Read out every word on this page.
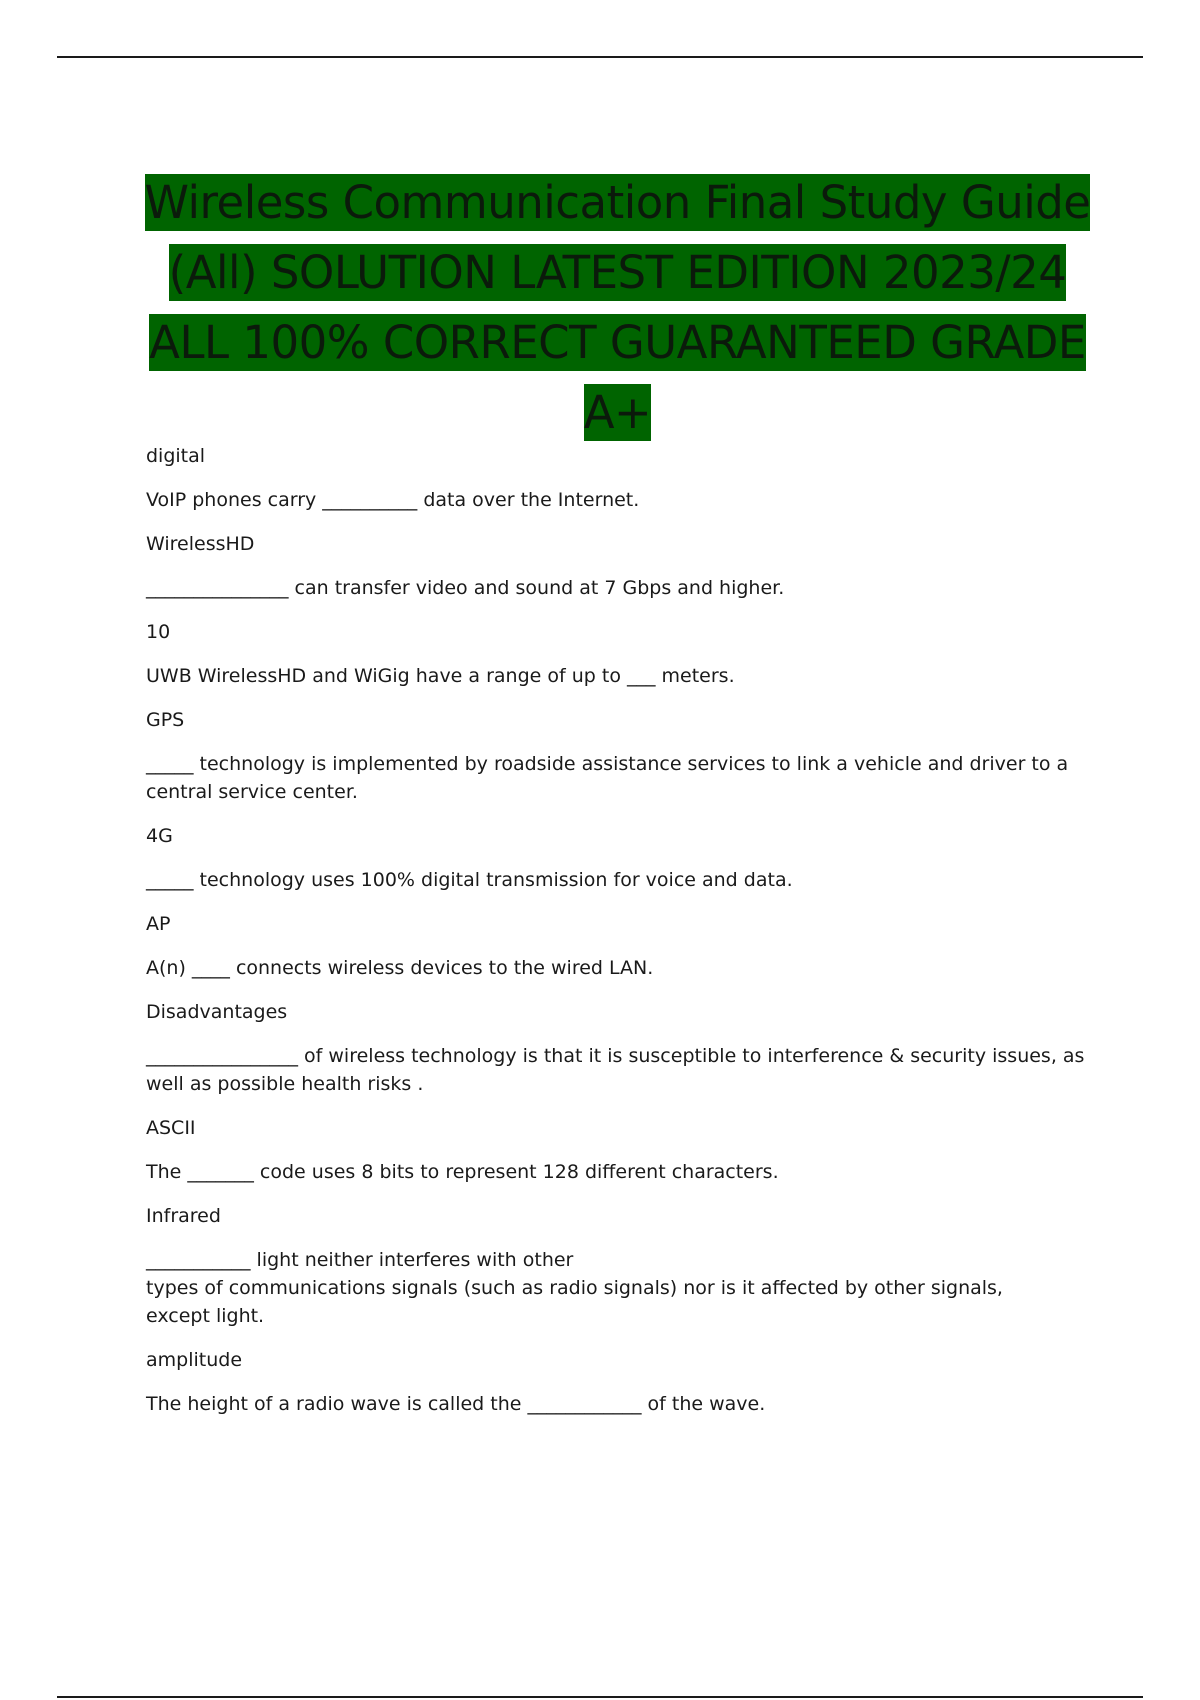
Wireless Communication Final Study Guide (All) SOLUTION LATEST EDITION 2023/24 ALL 100% CORRECT GUARANTEED GRADE A+

digital

VoIP phones carry __________ data over the Internet.

WirelessHD

_______________ can transfer video and sound at 7 Gbps and higher.

10

UWB WirelessHD and WiGig have a range of up to ___ meters.

GPS

_____ technology is implemented by roadside assistance services to link a vehicle and driver to a central service center.

4G

_____ technology uses 100% digital transmission for voice and data.

AP

A(n) ____ connects wireless devices to the wired LAN.

Disadvantages

________________ of wireless technology is that it is susceptible to interference & security issues, as well as possible health risks .

ASCII

The _______ code uses 8 bits to represent 128 different characters.

Infrared

___________ light neither interferes with other
types of communications signals (such as radio signals) nor is it affected by other signals,
except light.

amplitude

The height of a radio wave is called the ____________ of the wave.
